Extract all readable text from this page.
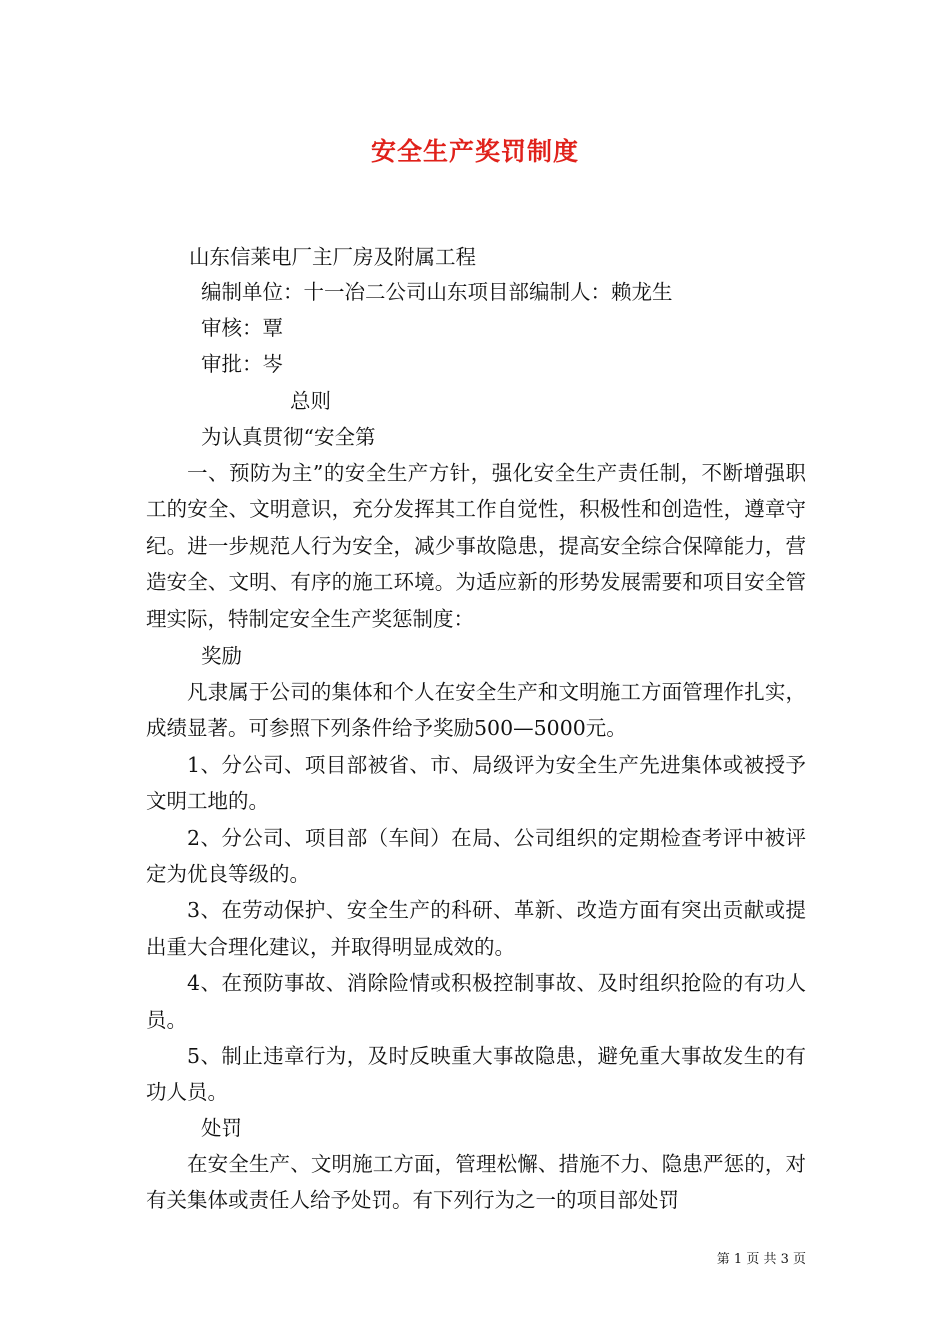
安全生产奖罚制度
山东信莱电厂主厂房及附属工程
编制单位：十一冶二公司山东项目部编制人：赖龙生
审核：覃
审批：岑
总则
为认真贯彻“安全第

一、预防为主”的安全生产方针，强化安全生产责任制，不断增强职工的安全、文明意识，充分发挥其工作自觉性，积极性和创造性，遵章守纪。进一步规范人行为安全，减少事故隐患，提高安全综合保障能力，营造安全、文明、有序的施工环境。为适应新的形势发展需要和项目安全管理实际，特制定安全生产奖惩制度：

奖励

凡隶属于公司的集体和个人在安全生产和文明施工方面管理作扎实，成绩显著。可参照下列条件给予奖励500—5000元。

1、分公司、项目部被省、市、局级评为安全生产先进集体或被授予文明工地的。

2、分公司、项目部（车间）在局、公司组织的定期检查考评中被评定为优良等级的。

3、在劳动保护、安全生产的科研、革新、改造方面有突出贡献或提出重大合理化建议，并取得明显成效的。

4、在预防事故、消除险情或积极控制事故、及时组织抢险的有功人员。

5、制止违章行为，及时反映重大事故隐患，避免重大事故发生的有功人员。

处罚

在安全生产、文明施工方面，管理松懈、措施不力、隐患严惩的，对有关集体或责任人给予处罚。有下列行为之一的项目部处罚

第 1 页 共 3 页
